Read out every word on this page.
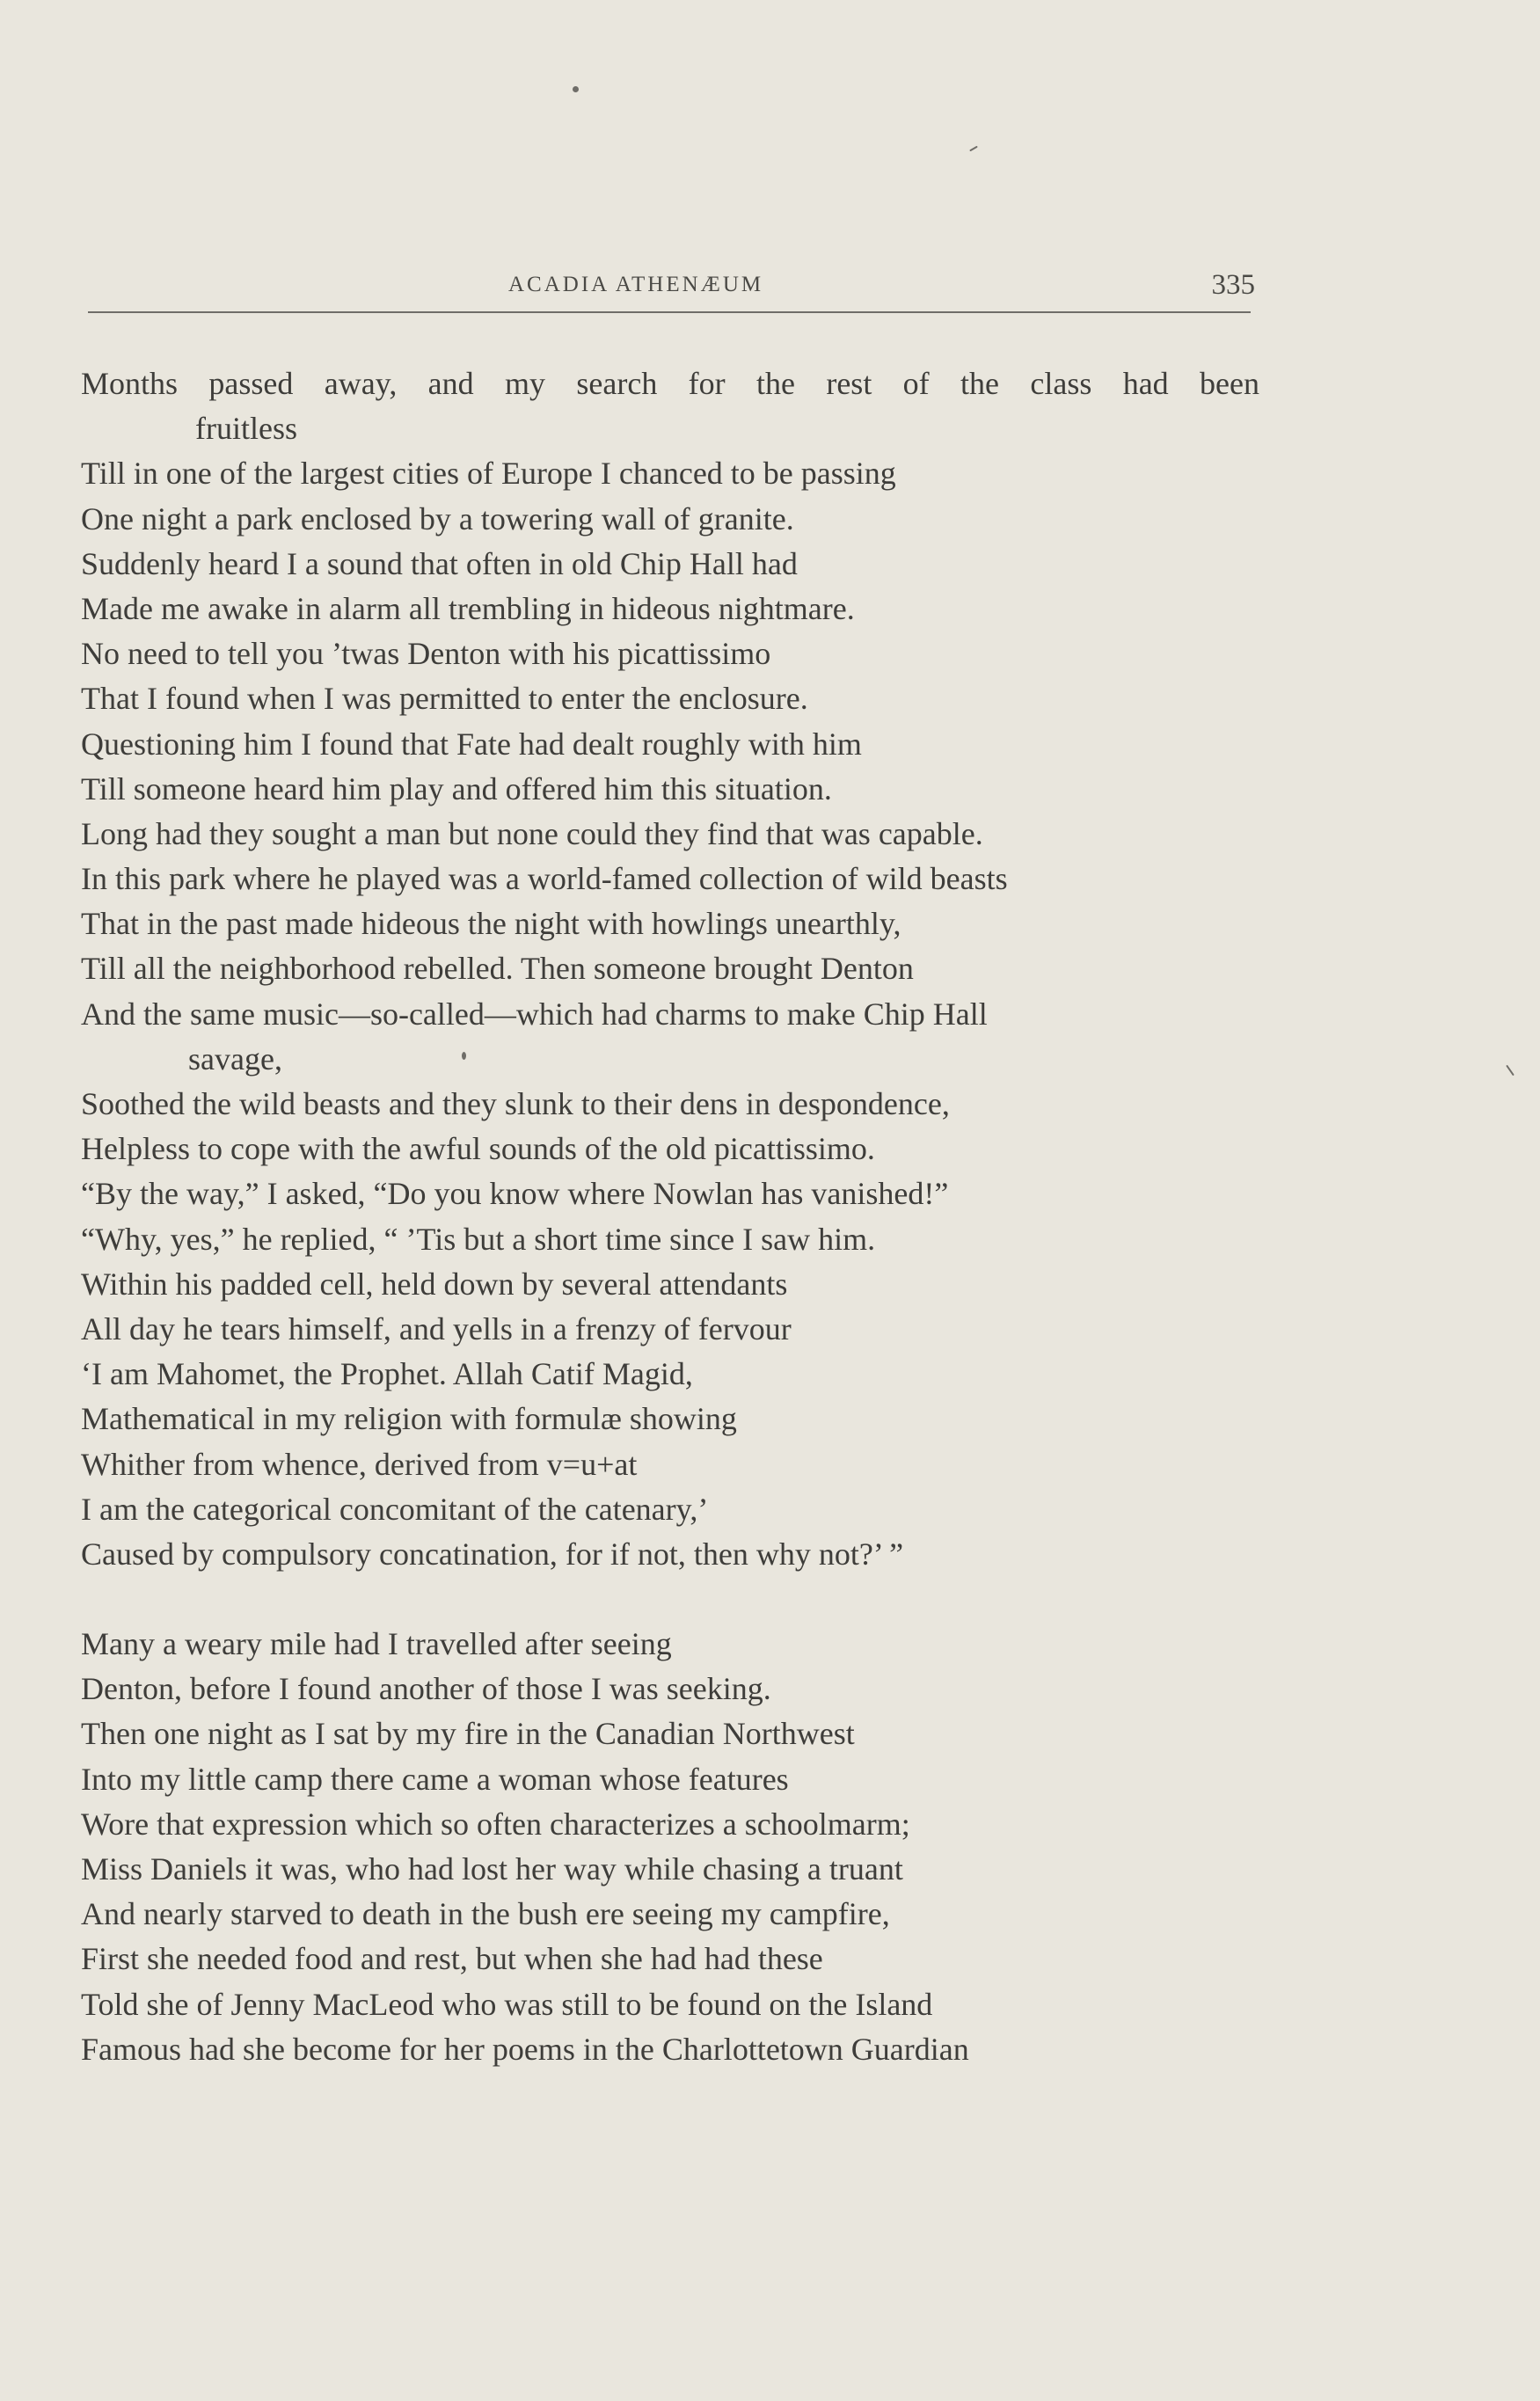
ACADIA ATHENÆUM	335
Months passed away, and my search for the rest of the class had been
fruitless
Till in one of the largest cities of Europe I chanced to be passing
One night a park enclosed by a towering wall of granite.
Suddenly heard I a sound that often in old Chip Hall had
Made me awake in alarm all trembling in hideous nightmare.
No need to tell you ’twas Denton with his picattissimo
That I found when I was permitted to enter the enclosure.
Questioning him I found that Fate had dealt roughly with him
Till someone heard him play and offered him this situation.
Long had they sought a man but none could they find that was capable.
In this park where he played was a world-famed collection of wild beasts
That in the past made hideous the night with howlings unearthly,
Till all the neighborhood rebelled. Then someone brought Denton
And the same music—so-called—which had charms to make Chip Hall
savage,
Soothed the wild beasts and they slunk to their dens in despondence,
Helpless to cope with the awful sounds of the old picattissimo.
“By the way,” I asked, “Do you know where Nowlan has vanished!”
“Why, yes,” he replied, “ ’Tis but a short time since I saw him.
Within his padded cell, held down by several attendants
All day he tears himself, and yells in a frenzy of fervour
‘I am Mahomet, the Prophet. Allah Catif Magid,
Mathematical in my religion with formulæ showing
Whither from whence, derived from v=u+at
I am the categorical concomitant of the catenary,’
Caused by compulsory concatination, for if not, then why not?’ ”
Many a weary mile had I travelled after seeing
Denton, before I found another of those I was seeking.
Then one night as I sat by my fire in the Canadian Northwest
Into my little camp there came a woman whose features
Wore that expression which so often characterizes a schoolmarm;
Miss Daniels it was, who had lost her way while chasing a truant
And nearly starved to death in the bush ere seeing my campfire,
First she needed food and rest, but when she had had these
Told she of Jenny MacLeod who was still to be found on the Island
Famous had she become for her poems in the Charlottetown Guardian
